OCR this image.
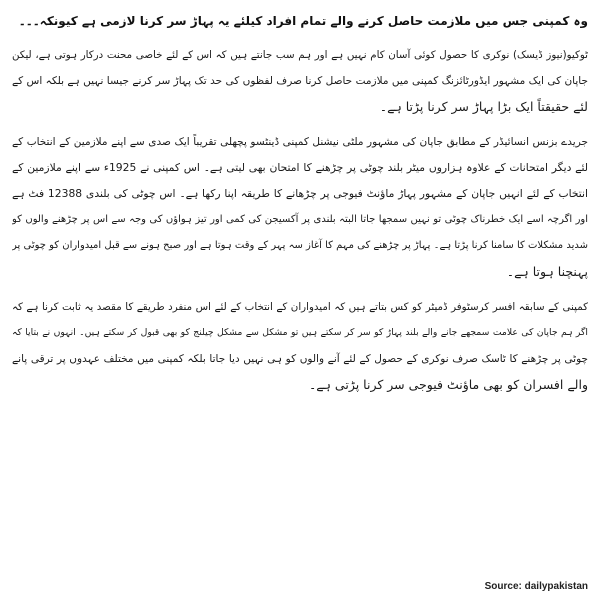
وہ کمپنی جس میں ملازمت حاصل کرنے والے تمام افراد کیلئے یہ پہاڑ سر کرنا لازمی ہے کیونکہ۔۔۔
ٹوکیو(نیوز ڈیسک) نوکری کا حصول کوئی آسان کام نہیں ہے اور ہم سب جانتے ہیں کہ اس کے لئے خاصی محنت درکار ہوتی ہے، لیکن
جاپان کی ایک مشہور ایڈورٹائزنگ کمپنی میں ملازمت حاصل کرنا صرف لفظوں کی حد تک پہاڑ سر کرنے جیسا نہیں ہے بلکہ اس کے
لئے حقیقتاً ایک بڑا پہاڑ سر کرنا پڑتا ہے۔
جریدے بزنس انسائیڈر کے مطابق جاپان کی مشہور ملٹی نیشنل کمپنی ڈینٹسو پچھلی تقریباً ایک صدی سے اپنے ملازمین کے انتخاب کے
لئے دیگر امتحانات کے علاوہ ہزاروں میٹر بلند چوٹی پر چڑھنے کا امتحان بھی لیتی ہے۔ اس کمپنی نے 1925ء سے اپنے ملازمین کے
انتخاب کے لئے انہیں جاپان کے مشہور پہاڑ ماؤنٹ فیوجی پر چڑھانے کا طریقہ اپنا رکھا ہے۔ اس چوٹی کی بلندی 12388 فٹ ہے
اور اگرچہ اسے ایک خطرناک چوٹی تو نہیں سمجھا جاتا البتہ بلندی پر آکسیجن کی کمی اور تیز ہواؤں کی وجہ سے اس پر چڑھنے والوں کو
شدید مشکلات کا سامنا کرنا پڑتا ہے۔ پہاڑ پر چڑھنے کی مہم کا آغاز سہ پہر کے وقت ہوتا ہے اور صبح ہونے سے قبل امیدواران کو چوٹی پر
پہنچنا ہوتا ہے۔
کمپنی کے سابقہ افسر کرسٹوفر ڈمیٹر کو کس بتاتے ہیں کہ امیدواران کے انتخاب کے لئے اس منفرد طریقے کا مقصد یہ ثابت کرنا ہے کہ
اگر ہم جاپان کی علامت سمجھے جانے والے بلند پہاڑ کو سر کر سکتے ہیں تو مشکل سے مشکل چیلنج کو بھی قبول کر سکتے ہیں۔ انہوں نے بتایا کہ
چوٹی پر چڑھنے کا ٹاسک صرف نوکری کے حصول کے لئے آنے والوں کو ہی نہیں دیا جاتا بلکہ کمپنی میں مختلف عہدوں پر ترقی پانے
والے افسران کو بھی ماؤنٹ فیوجی سر کرنا پڑتی ہے۔
Source: dailypakistan
